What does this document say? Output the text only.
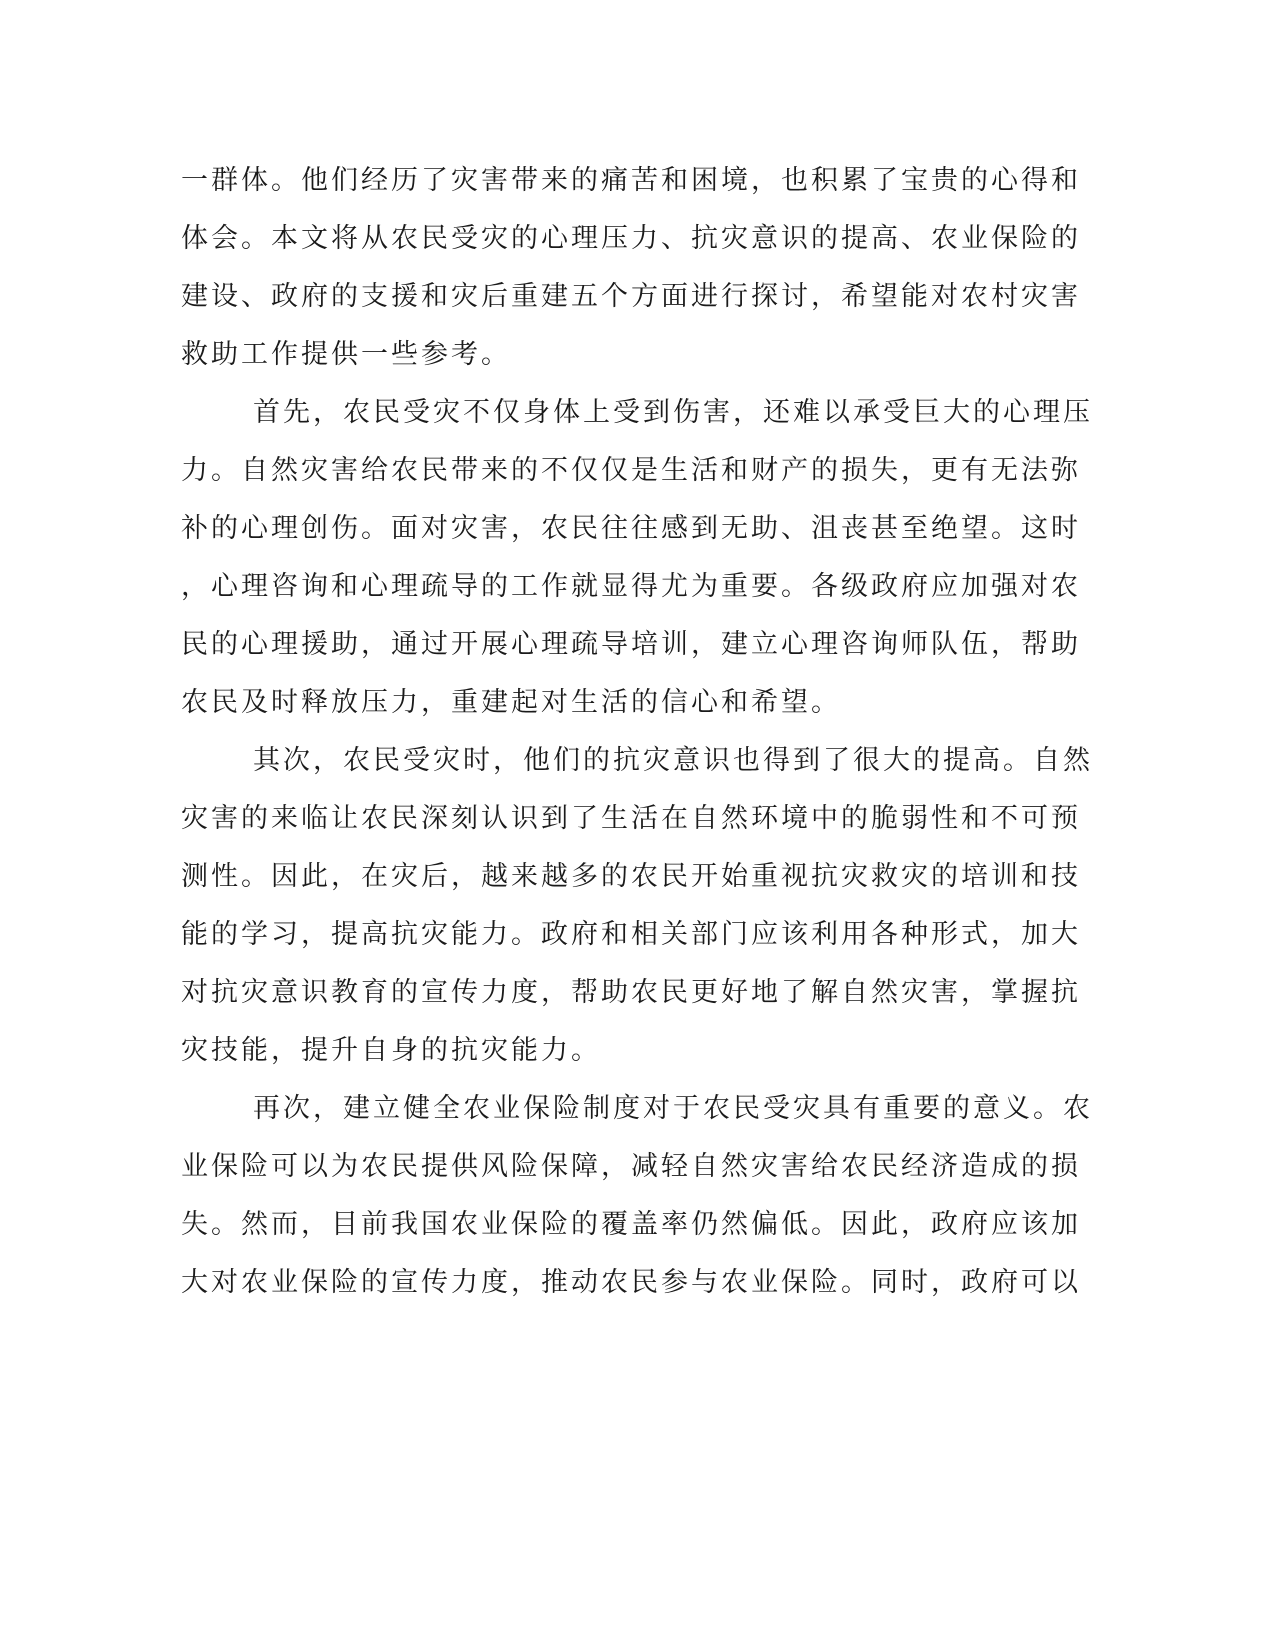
一群体。他们经历了灾害带来的痛苦和困境，也积累了宝贵的心得和
体会。本文将从农民受灾的心理压力、抗灾意识的提高、农业保险的
建设、政府的支援和灾后重建五个方面进行探讨，希望能对农村灾害
救助工作提供一些参考。
首先，农民受灾不仅身体上受到伤害，还难以承受巨大的心理压
力。自然灾害给农民带来的不仅仅是生活和财产的损失，更有无法弥
补的心理创伤。面对灾害，农民往往感到无助、沮丧甚至绝望。这时
，心理咨询和心理疏导的工作就显得尤为重要。各级政府应加强对农
民的心理援助，通过开展心理疏导培训，建立心理咨询师队伍，帮助
农民及时释放压力，重建起对生活的信心和希望。
其次，农民受灾时，他们的抗灾意识也得到了很大的提高。自然
灾害的来临让农民深刻认识到了生活在自然环境中的脆弱性和不可预
测性。因此，在灾后，越来越多的农民开始重视抗灾救灾的培训和技
能的学习，提高抗灾能力。政府和相关部门应该利用各种形式，加大
对抗灾意识教育的宣传力度，帮助农民更好地了解自然灾害，掌握抗
灾技能，提升自身的抗灾能力。
再次，建立健全农业保险制度对于农民受灾具有重要的意义。农
业保险可以为农民提供风险保障，减轻自然灾害给农民经济造成的损
失。然而，目前我国农业保险的覆盖率仍然偏低。因此，政府应该加
大对农业保险的宣传力度，推动农民参与农业保险。同时，政府可以
